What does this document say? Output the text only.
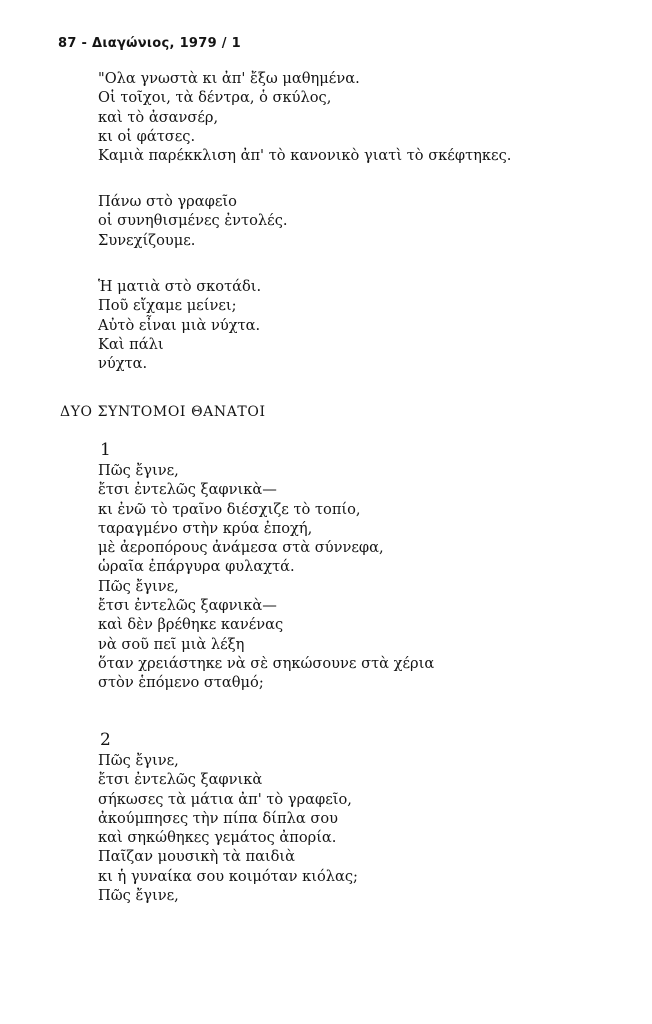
87 - Διαγώνιος, 1979 / 1
"Ολα γνωστὰ κι ἀπ' ἔξω μαθημένα.
Οἱ τοῖχοι, τὰ δέντρα, ὁ σκύλος,
καὶ τὸ ἀσανσέρ,
κι οἱ φάτσες.
Καμιὰ παρέκκλιση ἀπ' τὸ κανονικὸ γιατὶ τὸ σκέφτηκες.
Πάνω στὸ γραφεῖο
οἱ συνηθισμένες ἐντολές.
Συνεχίζουμε.
Ἡ ματιὰ στὸ σκοτάδι.
Ποῦ εἴχαμε μείνει;
Αὐτὸ εἶναι μιὰ νύχτα.
Καὶ πάλι
νύχτα.
ΔΥΟ ΣΥΝΤΟΜΟΙ ΘΑΝΑΤΟΙ
1
Πῶς ἔγινε,
ἔτσι ἐντελῶς ξαφνικὰ—
κι ἐνῶ τὸ τραῖνο διέσχιζε τὸ τοπίο,
ταραγμένο στὴν κρύα ἐποχή,
μὲ ἀεροπόρους ἀνάμεσα στὰ σύννεφα,
ὡραῖα ἐπάργυρα φυλαχτά.
Πῶς ἔγινε,
ἔτσι ἐντελῶς ξαφνικὰ—
καὶ δὲν βρέθηκε κανένας
νὰ σοῦ πεῖ μιὰ λέξη
ὅταν χρειάστηκε νὰ σὲ σηκώσουνε στὰ χέρια
στὸν ἑπόμενο σταθμό;
2
Πῶς ἔγινε,
ἔτσι ἐντελῶς ξαφνικὰ
σήκωσες τὰ μάτια ἀπ' τὸ γραφεῖο,
ἀκούμπησες τὴν πίπα δίπλα σου
καὶ σηκώθηκες γεμάτος ἀπορία.
Παῖζαν μουσικὴ τὰ παιδιὰ
κι ἡ γυναίκα σου κοιμόταν κιόλας;
Πῶς ἔγινε,
